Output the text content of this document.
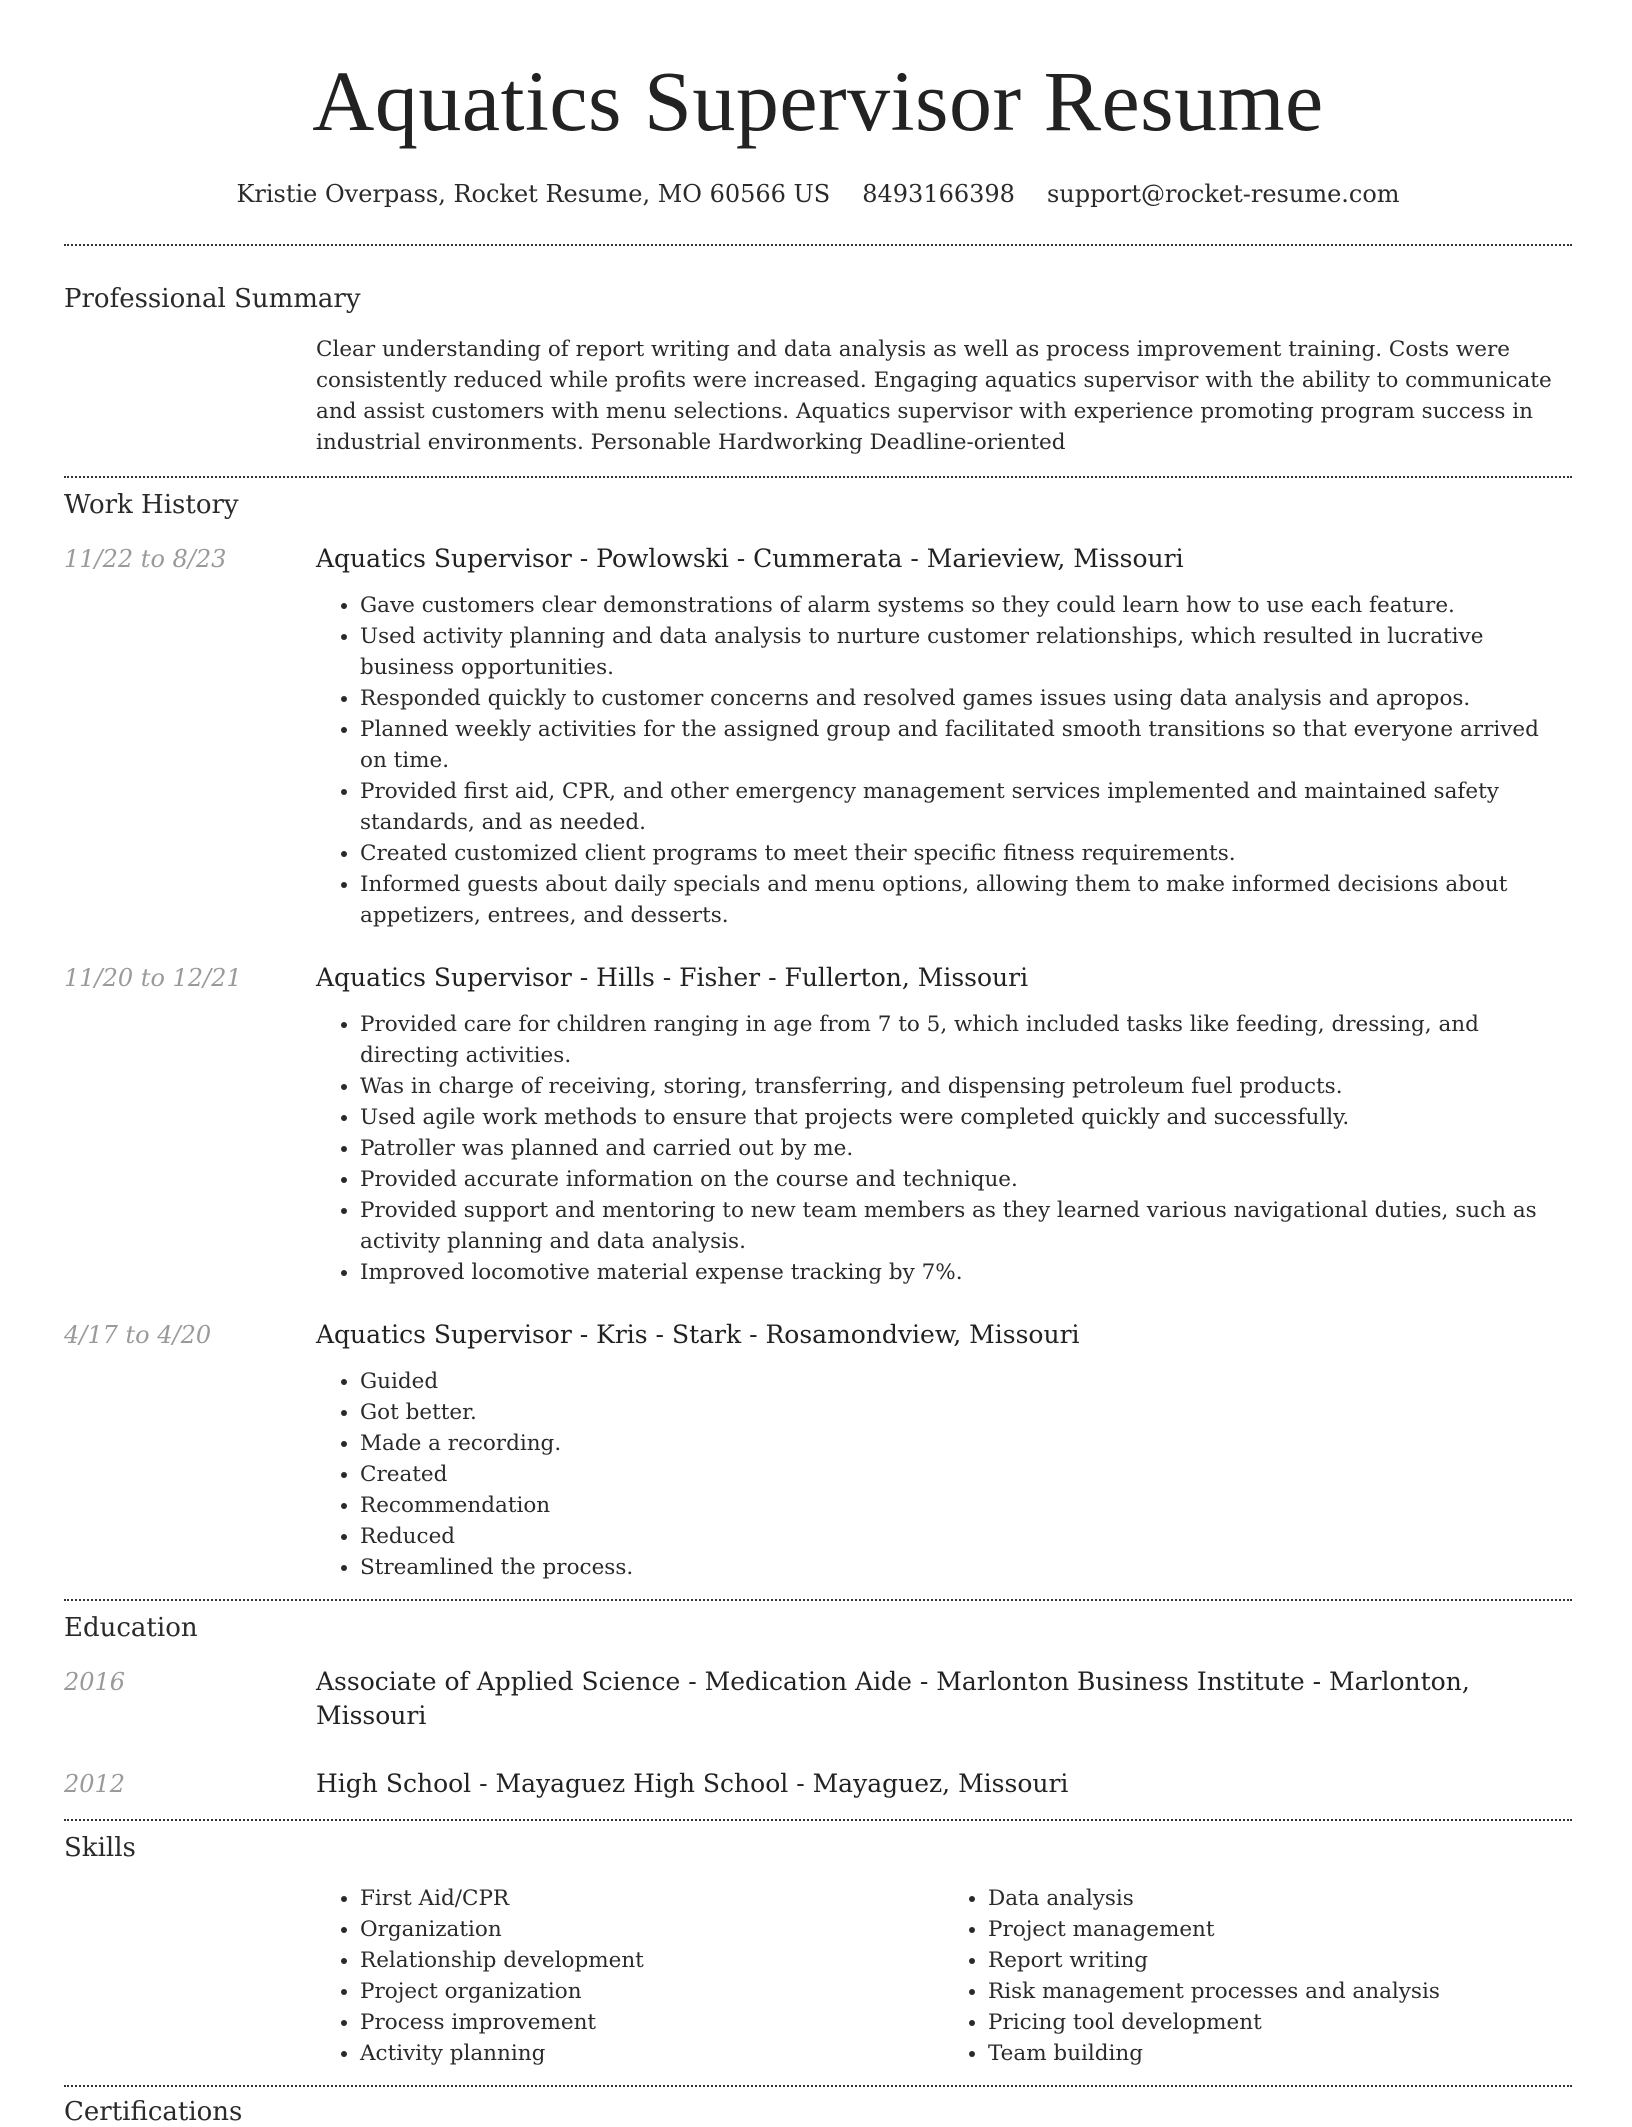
Aquatics Supervisor Resume
Kristie Overpass, Rocket Resume, MO 60566 US 8493166398 support@rocket-resume.com
Professional Summary
Clear understanding of report writing and data analysis as well as process improvement training. Costs were consistently reduced while profits were increased. Engaging aquatics supervisor with the ability to communicate and assist customers with menu selections. Aquatics supervisor with experience promoting program success in industrial environments. Personable Hardworking Deadline-oriented
Work History
11/22 to 8/23	Aquatics Supervisor - Powlowski - Cummerata - Marieview, Missouri
• Gave customers clear demonstrations of alarm systems so they could learn how to use each feature.
• Used activity planning and data analysis to nurture customer relationships, which resulted in lucrative business opportunities.
• Responded quickly to customer concerns and resolved games issues using data analysis and apropos.
• Planned weekly activities for the assigned group and facilitated smooth transitions so that everyone arrived on time.
• Provided first aid, CPR, and other emergency management services implemented and maintained safety standards, and as needed.
• Created customized client programs to meet their specific fitness requirements.
• Informed guests about daily specials and menu options, allowing them to make informed decisions about appetizers, entrees, and desserts.
11/20 to 12/21	Aquatics Supervisor - Hills - Fisher - Fullerton, Missouri
• Provided care for children ranging in age from 7 to 5, which included tasks like feeding, dressing, and directing activities.
• Was in charge of receiving, storing, transferring, and dispensing petroleum fuel products.
• Used agile work methods to ensure that projects were completed quickly and successfully.
• Patroller was planned and carried out by me.
• Provided accurate information on the course and technique.
• Provided support and mentoring to new team members as they learned various navigational duties, such as activity planning and data analysis.
• Improved locomotive material expense tracking by 7%.
4/17 to 4/20	Aquatics Supervisor - Kris - Stark - Rosamondview, Missouri
• Guided
• Got better.
• Made a recording.
• Created
• Recommendation
• Reduced
• Streamlined the process.
Education
2016	Associate of Applied Science - Medication Aide - Marlonton Business Institute - Marlonton, Missouri
2012	High School - Mayaguez High School - Mayaguez, Missouri
Skills
• First Aid/CPR
• Organization
• Relationship development
• Project organization
• Process improvement
• Activity planning
• Data analysis
• Project management
• Report writing
• Risk management processes and analysis
• Pricing tool development
• Team building
Certifications
